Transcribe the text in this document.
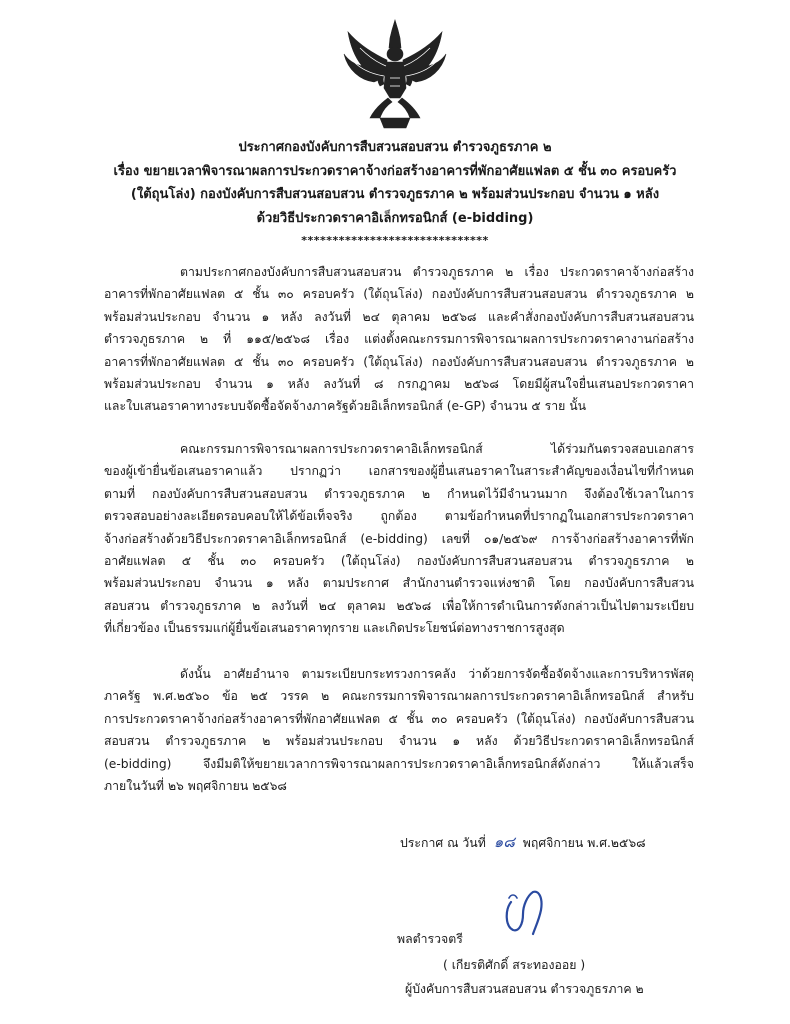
ประกาศกองบังคับการสืบสวนสอบสวน ตำรวจภูธรภาค ๒
เรื่อง ขยายเวลาพิจารณาผลการประกวดราคาจ้างก่อสร้างอาคารที่พักอาศัยแฟลต ๕ ชั้น ๓๐ ครอบครัว
(ใต้ถุนโล่ง) กองบังคับการสืบสวนสอบสวน ตำรวจภูธรภาค ๒ พร้อมส่วนประกอบ จำนวน ๑ หลัง
ด้วยวิธีประกวดราคาอิเล็กทรอนิกส์ (e-bidding)
******************************
ตามประกาศกองบังคับการสืบสวนสอบสวน ตำรวจภูธรภาค ๒ เรื่อง ประกวดราคาจ้างก่อสร้าง
อาคารที่พักอาศัยแฟลต ๕ ชั้น ๓๐ ครอบครัว (ใต้ถุนโล่ง) กองบังคับการสืบสวนสอบสวน ตำรวจภูธรภาค ๒
พร้อมส่วนประกอบ จำนวน ๑ หลัง ลงวันที่ ๒๔ ตุลาคม ๒๕๖๘ และคำสั่งกองบังคับการสืบสวนสอบสวน
ตำรวจภูธรภาค ๒ ที่ ๑๑๕/๒๕๖๘ เรื่อง แต่งตั้งคณะกรรมการพิจารณาผลการประกวดราคางานก่อสร้าง
อาคารที่พักอาศัยแฟลต ๕ ชั้น ๓๐ ครอบครัว (ใต้ถุนโล่ง) กองบังคับการสืบสวนสอบสวน ตำรวจภูธรภาค ๒
พร้อมส่วนประกอบ จำนวน ๑ หลัง ลงวันที่ ๘ กรกฎาคม ๒๕๖๘ โดยมีผู้สนใจยื่นเสนอประกวดราคา
และใบเสนอราคาทางระบบจัดซื้อจัดจ้างภาครัฐด้วยอิเล็กทรอนิกส์ (e-GP) จำนวน ๕ ราย นั้น
คณะกรรมการพิจารณาผลการประกวดราคาอิเล็กทรอนิกส์ ได้ร่วมกันตรวจสอบเอกสาร
ของผู้เข้ายื่นข้อเสนอราคาแล้ว ปรากฏว่า เอกสารของผู้ยื่นเสนอราคาในสาระสำคัญของเงื่อนไขที่กำหนด
ตามที่ กองบังคับการสืบสวนสอบสวน ตำรวจภูธรภาค ๒ กำหนดไว้มีจำนวนมาก จึงต้องใช้เวลาในการ
ตรวจสอบอย่างละเอียดรอบคอบให้ได้ข้อเท็จจริง ถูกต้อง ตามข้อกำหนดที่ปรากฏในเอกสารประกวดราคา
จ้างก่อสร้างด้วยวิธีประกวดราคาอิเล็กทรอนิกส์ (e-bidding) เลขที่ ๐๑/๒๕๖๙ การจ้างก่อสร้างอาคารที่พัก
อาศัยแฟลต ๕ ชั้น ๓๐ ครอบครัว (ใต้ถุนโล่ง) กองบังคับการสืบสวนสอบสวน ตำรวจภูธรภาค ๒
พร้อมส่วนประกอบ จำนวน ๑ หลัง ตามประกาศ สำนักงานตำรวจแห่งชาติ โดย กองบังคับการสืบสวน
สอบสวน ตำรวจภูธรภาค ๒ ลงวันที่ ๒๔ ตุลาคม ๒๕๖๘ เพื่อให้การดำเนินการดังกล่าวเป็นไปตามระเบียบ
ที่เกี่ยวข้อง เป็นธรรมแก่ผู้ยื่นข้อเสนอราคาทุกราย และเกิดประโยชน์ต่อทางราชการสูงสุด
ดังนั้น อาศัยอำนาจ ตามระเบียบกระทรวงการคลัง ว่าด้วยการจัดซื้อจัดจ้างและการบริหารพัสดุ
ภาครัฐ พ.ศ.๒๕๖๐ ข้อ ๒๕ วรรค ๒ คณะกรรมการพิจารณาผลการประกวดราคาอิเล็กทรอนิกส์ สำหรับ
การประกวดราคาจ้างก่อสร้างอาคารที่พักอาศัยแฟลต ๕ ชั้น ๓๐ ครอบครัว (ใต้ถุนโล่ง) กองบังคับการสืบสวน
สอบสวน ตำรวจภูธรภาค ๒ พร้อมส่วนประกอบ จำนวน ๑ หลัง ด้วยวิธีประกวดราคาอิเล็กทรอนิกส์
(e-bidding) จึงมีมติให้ขยายเวลาการพิจารณาผลการประกวดราคาอิเล็กทรอนิกส์ดังกล่าว ให้แล้วเสร็จ
ภายในวันที่ ๒๖ พฤศจิกายน ๒๕๖๘
ประกาศ ณ วันที่ ๑๘ พฤศจิกายน พ.ศ.๒๕๖๘
พลตำรวจตรี
( เกียรติศักดิ์ สระทองออย )
ผู้บังคับการสืบสวนสอบสวน ตำรวจภูธรภาค ๒
